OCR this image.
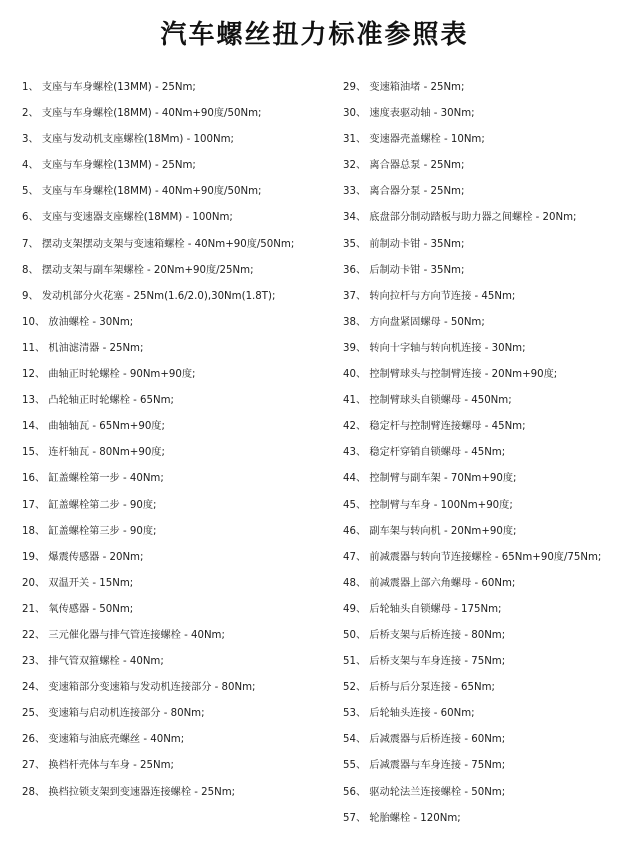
汽车螺丝扭力标准参照表
1、 支座与车身螺栓(13MM) - 25Nm;
2、 支座与车身螺栓(18MM) - 40Nm+90度/50Nm;
3、 支座与发动机支座螺栓(18Mm) - 100Nm;
4、 支座与车身螺栓(13MM) - 25Nm;
5、 支座与车身螺栓(18MM) - 40Nm+90度/50Nm;
6、 支座与变速器支座螺栓(18MM) - 100Nm;
7、 摆动支架摆动支架与变速箱螺栓 - 40Nm+90度/50Nm;
8、 摆动支架与副车架螺栓 - 20Nm+90度/25Nm;
9、 发动机部分火花塞 - 25Nm(1.6/2.0),30Nm(1.8T);
10、 放油螺栓 - 30Nm;
11、 机油滤清器 - 25Nm;
12、 曲轴正时轮螺栓 - 90Nm+90度;
13、 凸轮轴正时轮螺栓 - 65Nm;
14、 曲轴轴瓦 - 65Nm+90度;
15、 连杆轴瓦 - 80Nm+90度;
16、 缸盖螺栓第一步 - 40Nm;
17、 缸盖螺栓第二步 - 90度;
18、 缸盖螺栓第三步 - 90度;
19、 爆震传感器 - 20Nm;
20、 双温开关 - 15Nm;
21、 氧传感器 - 50Nm;
22、 三元催化器与排气管连接螺栓 - 40Nm;
23、 排气管双箍螺栓 - 40Nm;
24、 变速箱部分变速箱与发动机连接部分 - 80Nm;
25、 变速箱与启动机连接部分 - 80Nm;
26、 变速箱与油底壳螺丝 - 40Nm;
27、 换档杆壳体与车身 - 25Nm;
28、 换档拉锁支架到变速器连接螺栓 - 25Nm;
29、 变速箱油堵 - 25Nm;
30、 速度表驱动轴 - 30Nm;
31、 变速器壳盖螺栓 - 10Nm;
32、 离合器总泵 - 25Nm;
33、 离合器分泵 - 25Nm;
34、 底盘部分制动踏板与助力器之间螺栓 - 20Nm;
35、 前制动卡钳 - 35Nm;
36、 后制动卡钳 - 35Nm;
37、 转向拉杆与方向节连接 - 45Nm;
38、 方向盘紧固螺母 - 50Nm;
39、 转向十字轴与转向机连接 - 30Nm;
40、 控制臂球头与控制臂连接 - 20Nm+90度;
41、 控制臂球头自锁螺母 - 450Nm;
42、 稳定杆与控制臂连接螺母 - 45Nm;
43、 稳定杆穿销自锁螺母 - 45Nm;
44、 控制臂与副车架 - 70Nm+90度;
45、 控制臂与车身 - 100Nm+90度;
46、 副车架与转向机 - 20Nm+90度;
47、 前减震器与转向节连接螺栓 - 65Nm+90度/75Nm;
48、 前减震器上部六角螺母 - 60Nm;
49、 后轮轴头自锁螺母 - 175Nm;
50、 后桥支架与后桥连接 - 80Nm;
51、 后桥支架与车身连接 - 75Nm;
52、 后桥与后分泵连接 - 65Nm;
53、 后轮轴头连接 - 60Nm;
54、 后减震器与后桥连接 - 60Nm;
55、 后减震器与车身连接 - 75Nm;
56、 驱动轮法兰连接螺栓 - 50Nm;
57、 轮胎螺栓 - 120Nm;
